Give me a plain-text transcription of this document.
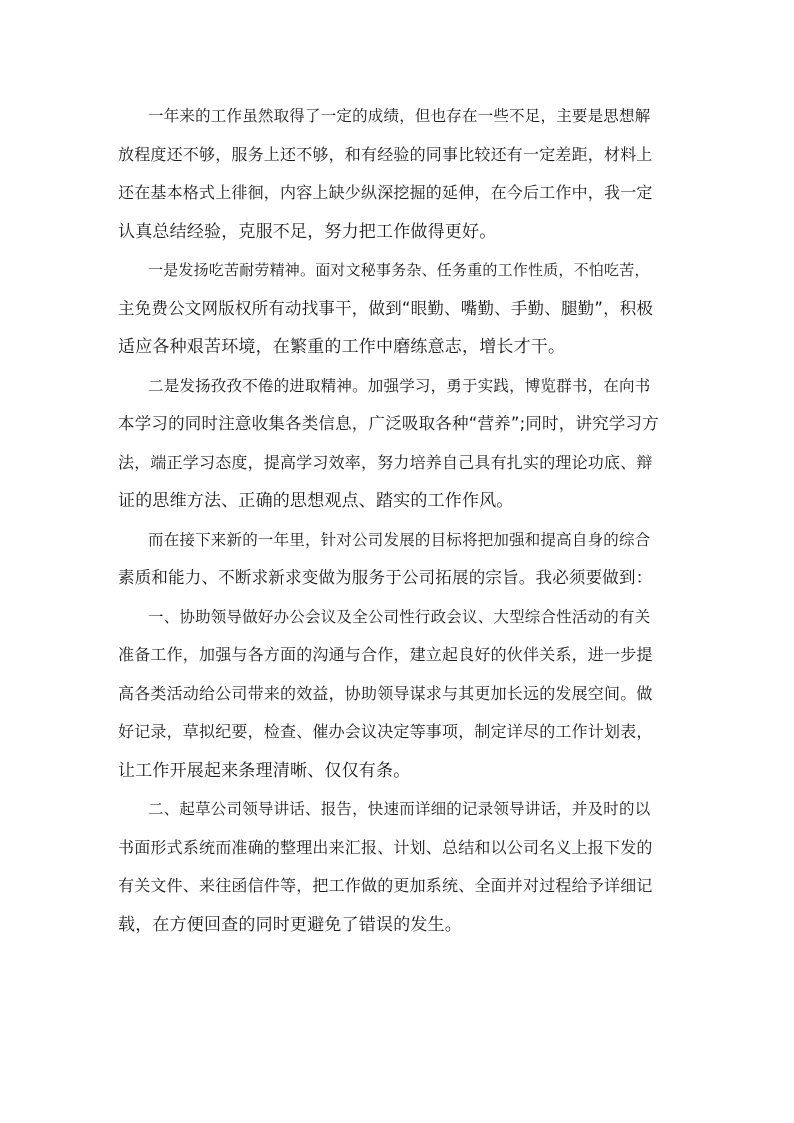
一年来的工作虽然取得了一定的成绩，但也存在一些不足，主要是思想解
放程度还不够，服务上还不够，和有经验的同事比较还有一定差距，材料上
还在基本格式上徘徊，内容上缺少纵深挖掘的延伸，在今后工作中，我一定
认真总结经验，克服不足，努力把工作做得更好。
一是发扬吃苦耐劳精神。面对文秘事务杂、任务重的工作性质，不怕吃苦，
主免费公文网版权所有动找事干，做到“眼勤、嘴勤、手勤、腿勤”，积极
适应各种艰苦环境，在繁重的工作中磨练意志，增长才干。
二是发扬孜孜不倦的进取精神。加强学习，勇于实践，博览群书，在向书
本学习的同时注意收集各类信息，广泛吸取各种“营养”;同时，讲究学习方
法，端正学习态度，提高学习效率，努力培养自己具有扎实的理论功底、辩
证的思维方法、正确的思想观点、踏实的工作作风。
而在接下来新的一年里，针对公司发展的目标将把加强和提高自身的综合
素质和能力、不断求新求变做为服务于公司拓展的宗旨。我必须要做到：
一、协助领导做好办公会议及全公司性行政会议、大型综合性活动的有关
准备工作，加强与各方面的沟通与合作，建立起良好的伙伴关系，进一步提
高各类活动给公司带来的效益，协助领导谋求与其更加长远的发展空间。做
好记录，草拟纪要，检查、催办会议决定等事项，制定详尽的工作计划表，
让工作开展起来条理清晰、仅仅有条。
二、起草公司领导讲话、报告，快速而详细的记录领导讲话，并及时的以
书面形式系统而准确的整理出来汇报、计划、总结和以公司名义上报下发的
有关文件、来往函信件等，把工作做的更加系统、全面并对过程给予详细记
载，在方便回查的同时更避免了错误的发生。
